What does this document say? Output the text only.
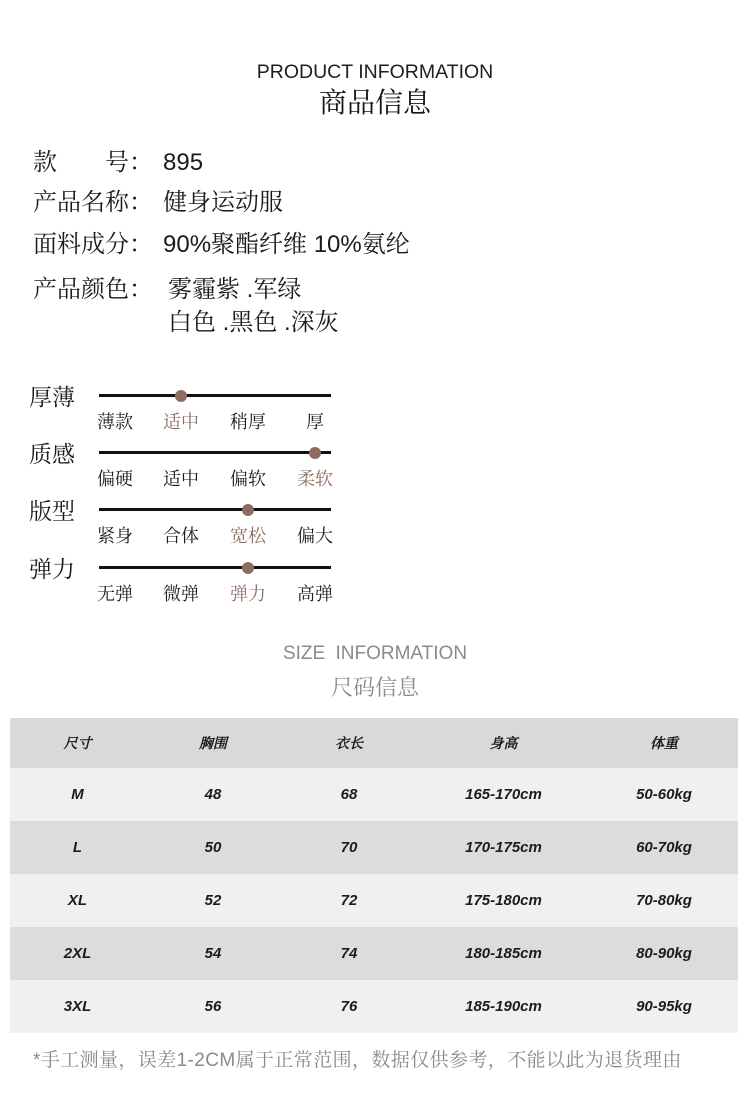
PRODUCT INFORMATION
商品信息
款　　号： 895
产品名称： 健身运动服
面料成分： 90%聚酯纤维 10%氨纶
产品颜色： 雾霾紫 .军绿
白色 .黑色 .深灰
厚薄
薄款	适中	稍厚	厚
质感
偏硬	适中	偏软	柔软
版型
紧身	合体	宽松	偏大
弹力
无弹	微弹	弹力	高弹
SIZE INFORMATION
尺码信息
尺寸	胸围	衣长	身高	体重
M	48	68	165-170cm	50-60kg
L	50	70	170-175cm	60-70kg
XL	52	72	175-180cm	70-80kg
2XL	54	74	180-185cm	80-90kg
3XL	56	76	185-190cm	90-95kg
*手工测量，误差1-2CM属于正常范围，数据仅供参考，不能以此为退货理由
